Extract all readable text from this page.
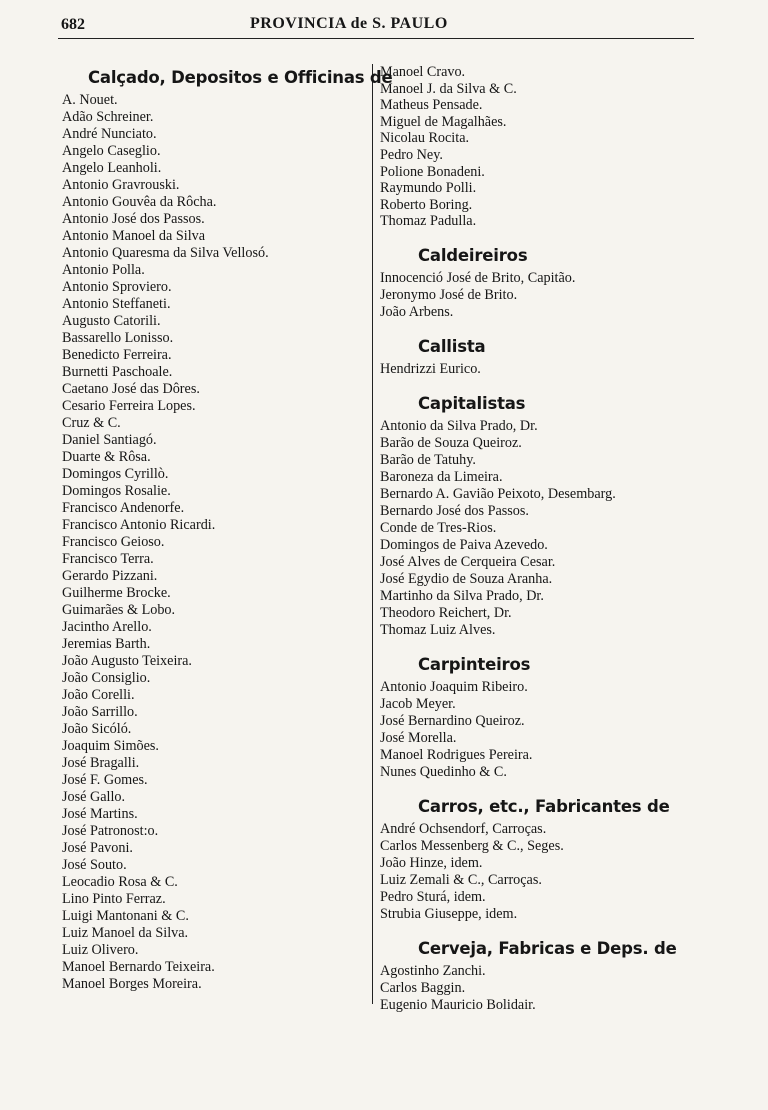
682	PROVINCIA de S. PAULO
Calçado, Depositos e Officinas de
A. Nouet.
Adão Schreiner.
André Nunciato.
Angelo Caseglio.
Angelo Leanholi.
Antonio Gravrouski.
Antonio Gouvêa da Rôcha.
Antonio José dos Passos.
Antonio Manoel da Silva
Antonio Quaresma da Silva Vellosó.
Antonio Polla.
Antonio Sproviero.
Antonio Steffaneti.
Augusto Catorili.
Bassarello Lonisso.
Benedicto Ferreira.
Burnetti Paschoale.
Caetano José das Dôres.
Cesario Ferreira Lopes.
Cruz & C.
Daniel Santiagó.
Duarte & Rôsa.
Domingos Cyrillò.
Domingos Rosalie.
Francisco Andenorfe.
Francisco Antonio Ricardi.
Francisco Geioso.
Francisco Terra.
Gerardo Pizzani.
Guilherme Brocke.
Guimarães & Lobo.
Jacintho Arello.
Jeremias Barth.
João Augusto Teixeira.
João Consiglio.
João Corelli.
João Sarrillo.
João Sicóló.
Joaquim Simões.
José Bragalli.
José F. Gomes.
José Gallo.
José Martins.
José Patronost:o.
José Pavoni.
José Souto.
Leocadio Rosa & C.
Lino Pinto Ferraz.
Luigi Mantonani & C.
Luiz Manoel da Silva.
Luiz Olivero.
Manoel Bernardo Teixeira.
Manoel Borges Moreira.
Manoel Cravo.
Manoel J. da Silva & C.
Matheus Pensade.
Miguel de Magalhães.
Nicolau Rocita.
Pedro Ney.
Polione Bonadeni.
Raymundo Polli.
Roberto Boring.
Thomaz Padulla.
Caldeireiros
Innocenció José de Brito, Capitão.
Jeronymo José de Brito.
João Arbens.
Callista
Hendrizzi Eurico.
Capitalistas
Antonio da Silva Prado, Dr.
Barão de Souza Queiroz.
Barão de Tatuhy.
Baroneza da Limeira.
Bernardo A. Gavião Peixoto, Desembarg.
Bernardo José dos Passos.
Conde de Tres-Rios.
Domingos de Paiva Azevedo.
José Alves de Cerqueira Cesar.
José Egydio de Souza Aranha.
Martinho da Silva Prado, Dr.
Theodoro Reichert, Dr.
Thomaz Luiz Alves.
Carpinteiros
Antonio Joaquim Ribeiro.
Jacob Meyer.
José Bernardino Queiroz.
José Morella.
Manoel Rodrigues Pereira.
Nunes Quedinho & C.
Carros, etc., Fabricantes de
André Ochsendorf, Carroças.
Carlos Messenberg & C., Seges.
João Hinze, idem.
Luiz Zemali & C., Carroças.
Pedro Sturá, idem.
Strubia Giuseppe, idem.
Cerveja, Fabricas e Deps. de
Agostinho Zanchi.
Carlos Baggin.
Eugenio Mauricio Bolidair.
